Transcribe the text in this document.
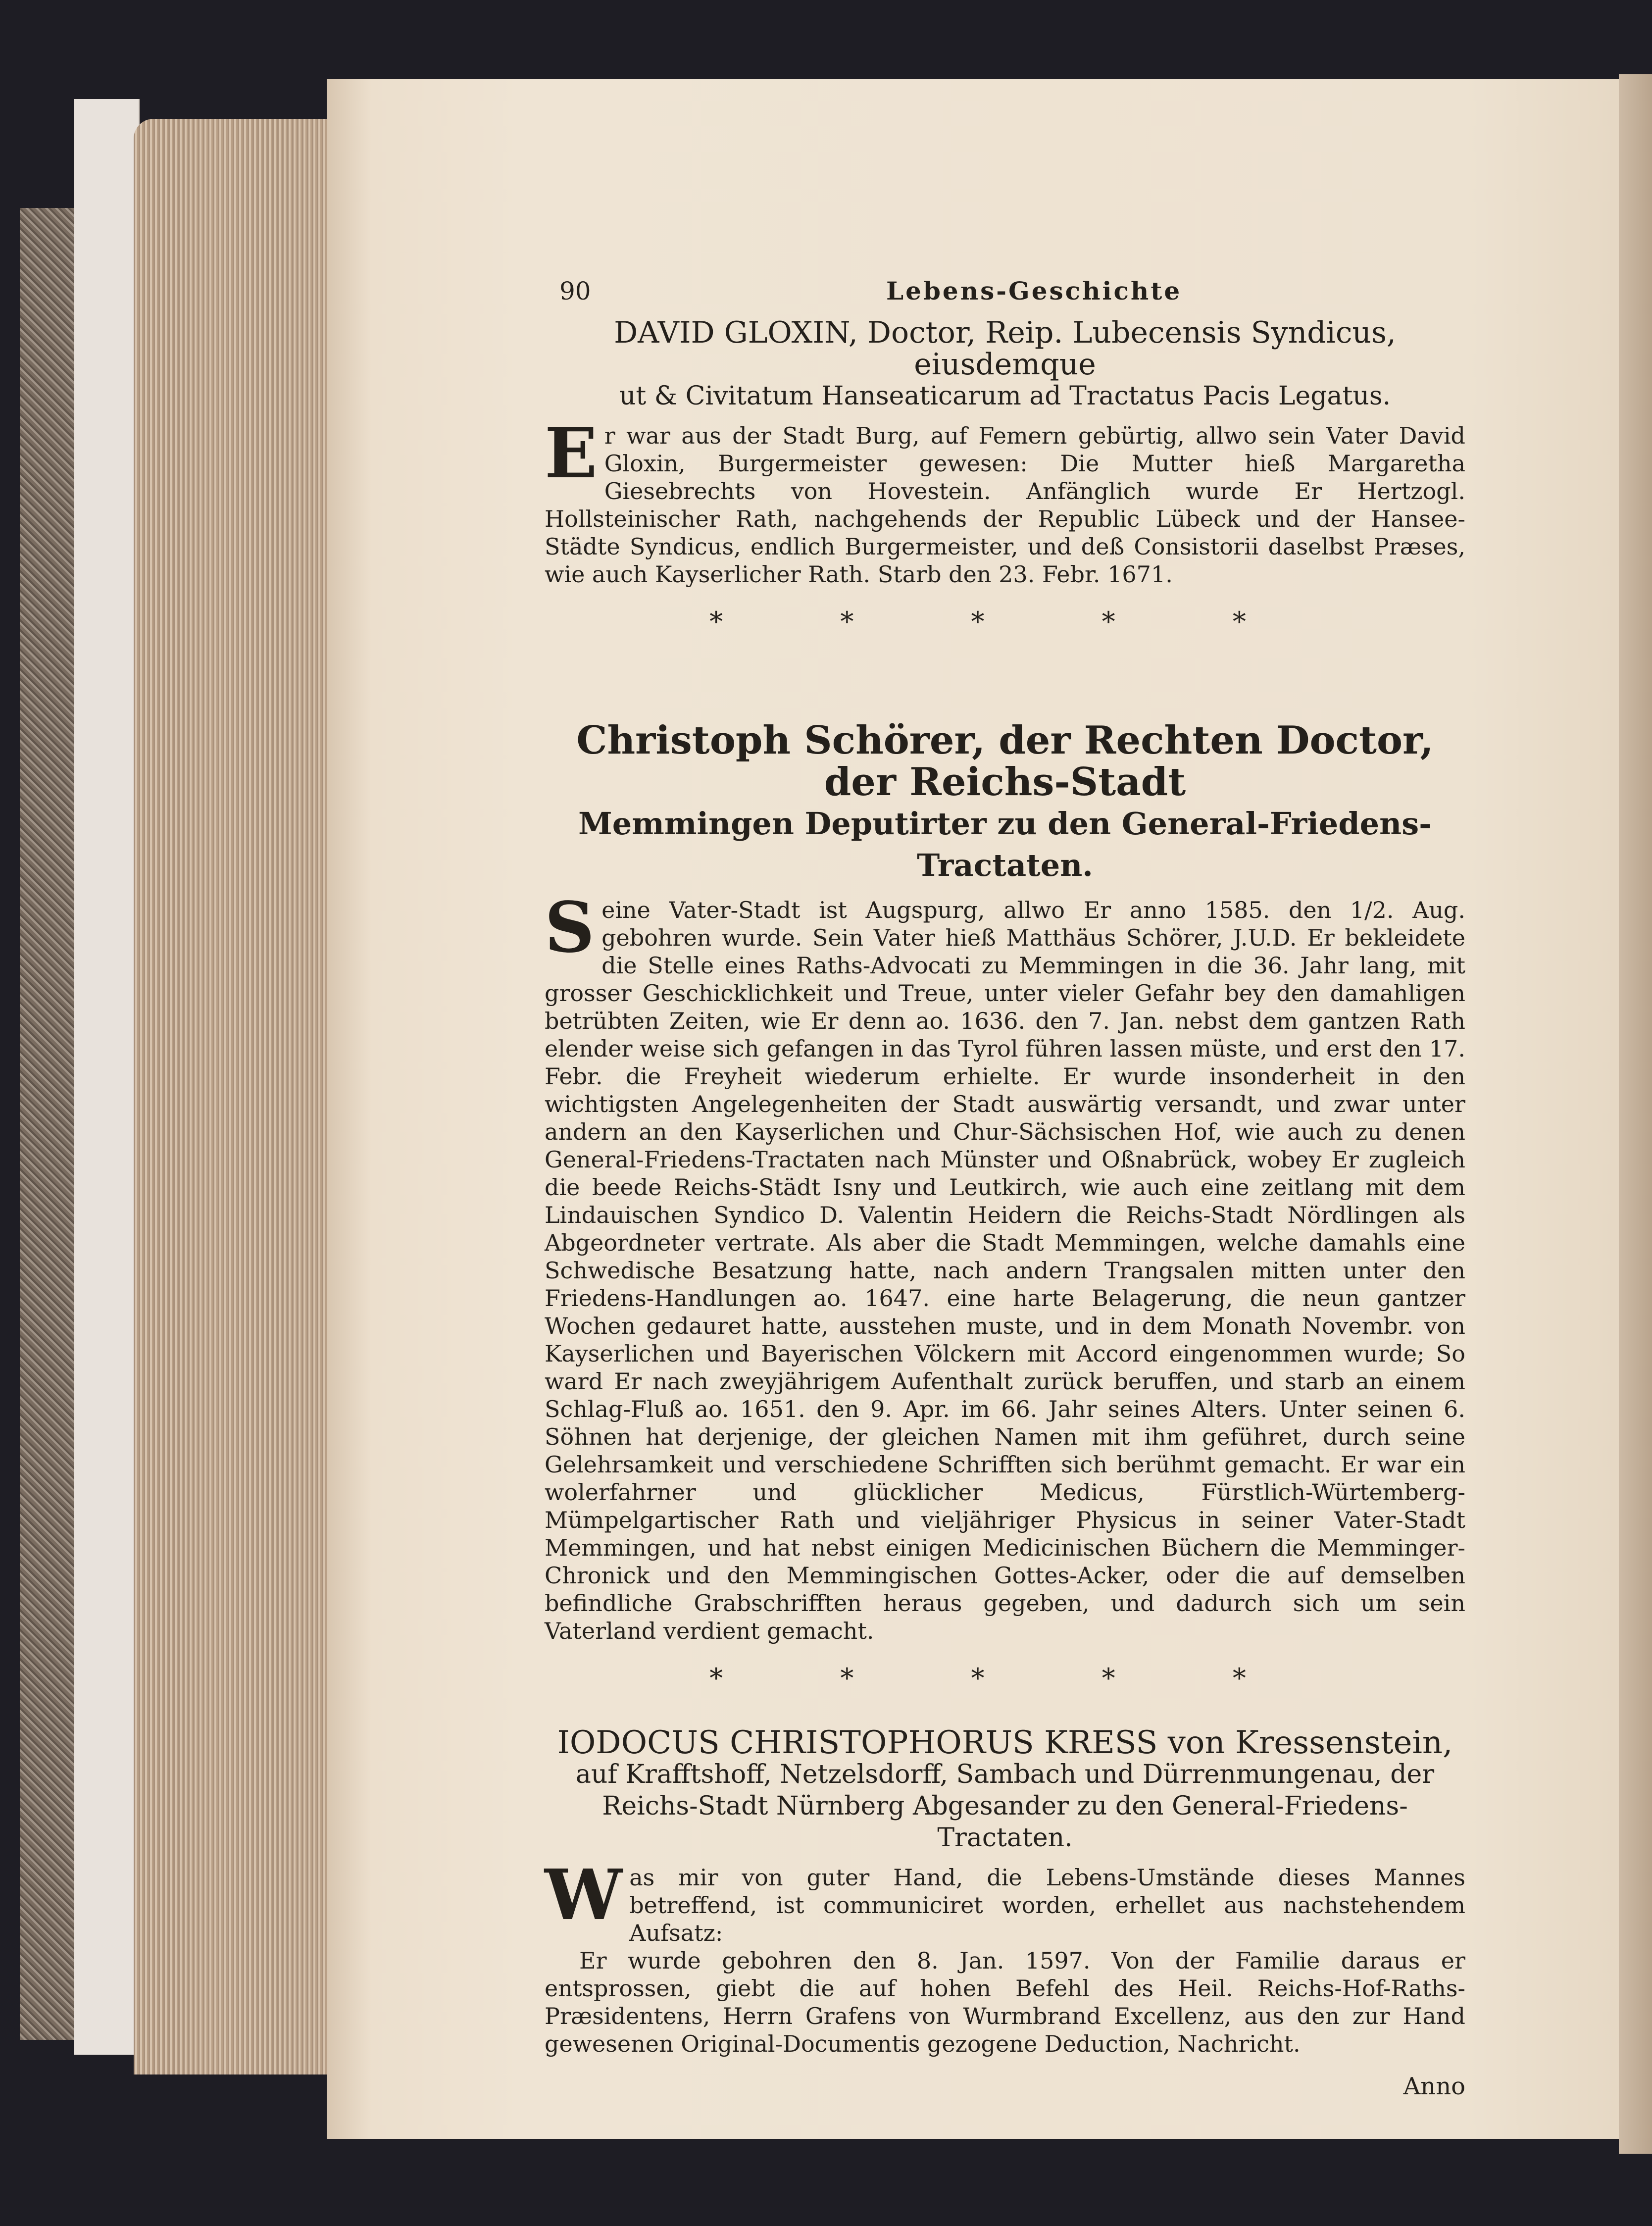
90	Lebens-Geschichte
DAVID GLOXIN, Doctor, Reip. Lubecensis Syndicus, eiusdemque
ut & Civitatum Hanseaticarum ad Tractatus Pacis Legatus.

Er war aus der Stadt Burg, auf Femern gebürtig, allwo sein Vater David Gloxin, Burgermeister gewesen: Die Mutter hieß Margaretha Giesebrechts von Hovestein. Anfänglich wurde Er Hertzogl. Hollsteinischer Rath, nachgehends der Republic Lübeck und der Hansee-Städte Syndicus, endlich Burgermeister, und deß Consistorii daselbst Præses, wie auch Kayserlicher Rath. Starb den 23. Febr. 1671.

* * * * *
Christoph Schörer, der Rechten Doctor, der Reichs-Stadt
Memmingen Deputirter zu den General-Friedens-Tractaten.

Seine Vater-Stadt ist Augspurg, allwo Er anno 1585. den 1/2. Aug. gebohren wurde. Sein Vater hieß Matthäus Schörer, J.U.D. Er bekleidete die Stelle eines Raths-Advocati zu Memmingen in die 36. Jahr lang, mit grosser Geschicklichkeit und Treue, unter vieler Gefahr bey den damahligen betrübten Zeiten, wie Er denn ao. 1636. den 7. Jan. nebst dem gantzen Rath elender weise sich gefangen in das Tyrol führen lassen müste, und erst den 17. Febr. die Freyheit wiederum erhielte. Er wurde insonderheit in den wichtigsten Angelegenheiten der Stadt auswärtig versandt, und zwar unter andern an den Kayserlichen und Chur-Sächsischen Hof, wie auch zu denen General-Friedens-Tractaten nach Münster und Oßnabrück, wobey Er zugleich die beede Reichs-Städt Isny und Leutkirch, wie auch eine zeitlang mit dem Lindauischen Syndico D. Valentin Heidern die Reichs-Stadt Nördlingen als Abgeordneter vertrate. Als aber die Stadt Memmingen, welche damahls eine Schwedische Besatzung hatte, nach andern Trangsalen mitten unter den Friedens-Handlungen ao. 1647. eine harte Belagerung, die neun gantzer Wochen gedauret hatte, ausstehen muste, und in dem Monath Novembr. von Kayserlichen und Bayerischen Völckern mit Accord eingenommen wurde; So ward Er nach zweyjährigem Aufenthalt zurück beruffen, und starb an einem Schlag-Fluß ao. 1651. den 9. Apr. im 66. Jahr seines Alters. Unter seinen 6. Söhnen hat derjenige, der gleichen Namen mit ihm geführet, durch seine Gelehrsamkeit und verschiedene Schrifften sich berühmt gemacht. Er war ein wolerfahrner und glücklicher Medicus, Fürstlich-Würtemberg-Mümpelgartischer Rath und vieljähriger Physicus in seiner Vater-Stadt Memmingen, und hat nebst einigen Medicinischen Büchern die Memminger-Chronick und den Memmingischen Gottes-Acker, oder die auf demselben befindliche Grabschrifften heraus gegeben, und dadurch sich um sein Vaterland verdient gemacht.

* * * * *
IODOCUS CHRISTOPHORUS KRESS von Kressenstein,
auf Krafftshoff, Netzelsdorff, Sambach und Dürrenmungenau, der Reichs-Stadt Nürnberg Abgesander zu den General-Friedens-Tractaten.

Was mir von guter Hand, die Lebens-Umstände dieses Mannes betreffend, ist communiciret worden, erhellet aus nachstehendem Aufsatz:

Er wurde gebohren den 8. Jan. 1597. Von der Familie daraus er entsprossen, giebt die auf hohen Befehl des Heil. Reichs-Hof-Raths-Præsidentens, Herrn Grafens von Wurmbrand Excellenz, aus den zur Hand gewesenen Original-Documentis gezogene Deduction, Nachricht.

Anno
